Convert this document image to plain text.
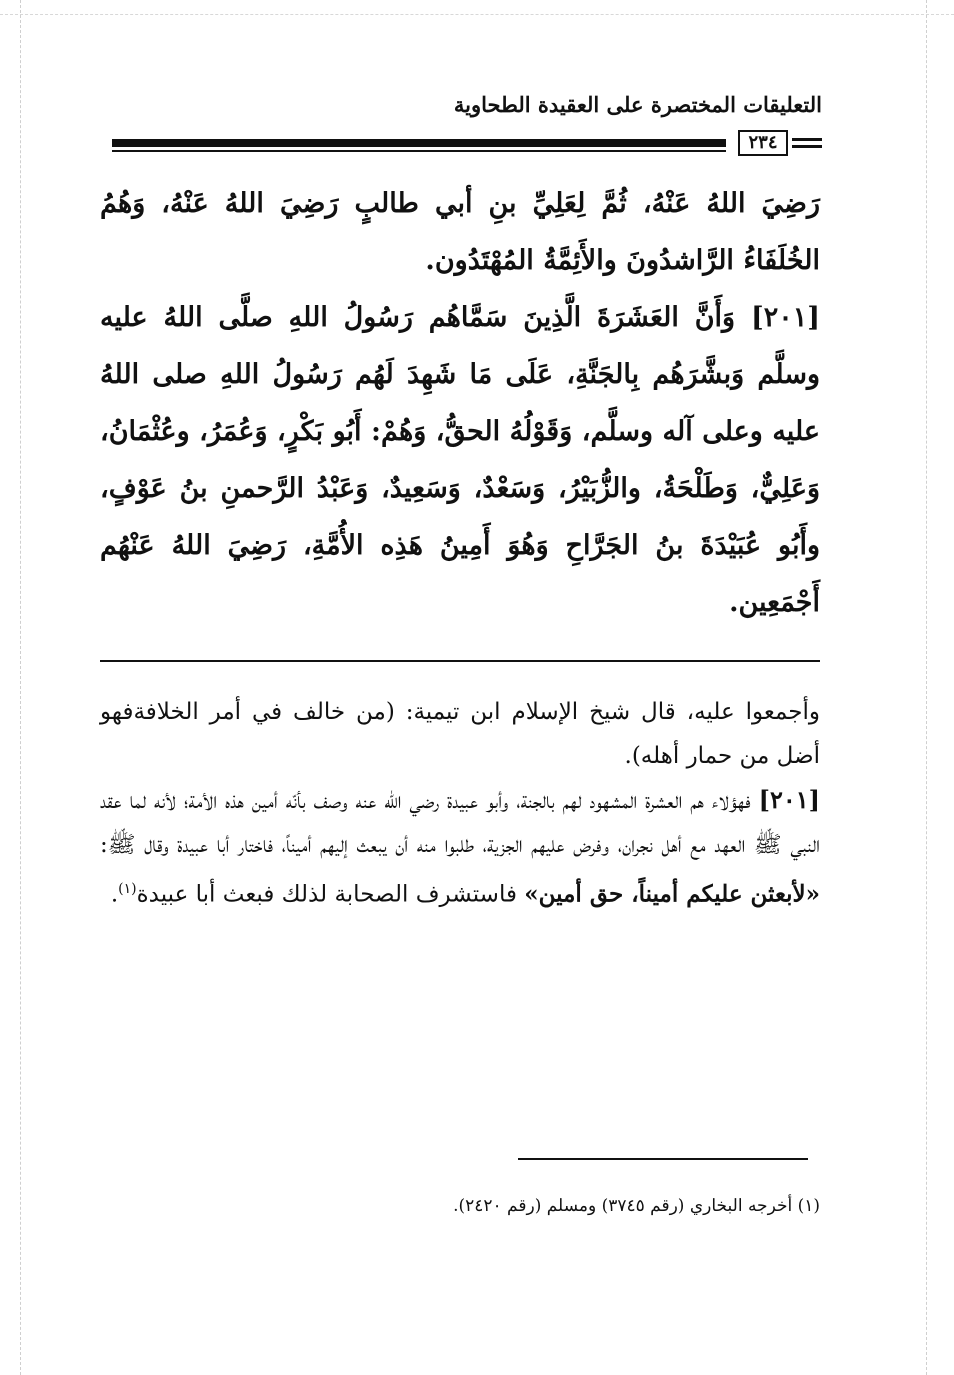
التعليقات المختصرة على العقيدة الطحاوية
٢٣٤

رَضِيَ اللهُ عَنْهُ، ثُمَّ لِعَلِيِّ بنِ أبي طالبٍ رَضِيَ اللهُ عَنْهُ، وَهُمُ الخُلَفَاءُ الرَّاشدُونَ والأَئِمَّةُ المُهْتَدُون.

[٢٠١] وَأَنَّ العَشَرَةَ الَّذِينَ سَمَّاهُم رَسُولُ اللهِ صلَّى اللهُ عليه وسلَّم وَبشَّرَهُم بِالجَنَّةِ، عَلَى مَا شَهِدَ لَهُم رَسُولُ اللهِ صلى اللهُ عليه وعلى آله وسلَّم، وَقَوْلُهُ الحقُّ، وَهُمْ: أَبُو بَكْرٍ، وَعُمَرُ، وعُثْمَانُ، وَعَلِيٌّ، وَطَلْحَةُ، والزُّبَيْرُ، وَسَعْدٌ، وَسَعِيدٌ، وَعَبْدُ الرَّحمنِ بنُ عَوْفٍ، وأَبُو عُبَيْدَةَ بنُ الجَرَّاحِ وَهُوَ أَمِينُ هَذِه الأُمَّةِ، رَضِيَ اللهُ عَنْهُم أَجْمَعِين.

وأجمعوا عليه، قال شيخ الإسلام ابن تيمية: (من خالف في أمر الخلافةفهو أضل من حمار أهله).

[٢٠١] فهؤلاء هم العشرة المشهود لهم بالجنة، وأبو عبيدة رضي الله عنه وصف بأنّه أمين هذه الأمة؛ لأنه لما عقد النبي ﷺ العهد مع أهل نجران، وفرض عليهم الجزية، طلبوا منه أن يبعث إليهم أميناً، فاختار أبا عبيدة وقال ﷺ: «لأبعثن عليكم أميناً، حق أمين» فاستشرف الصحابة لذلك فبعث أبا عبيدة$^{(١)}$.

(١) أخرجه البخاري (رقم ٣٧٤٥) ومسلم (رقم ٢٤٢٠).
